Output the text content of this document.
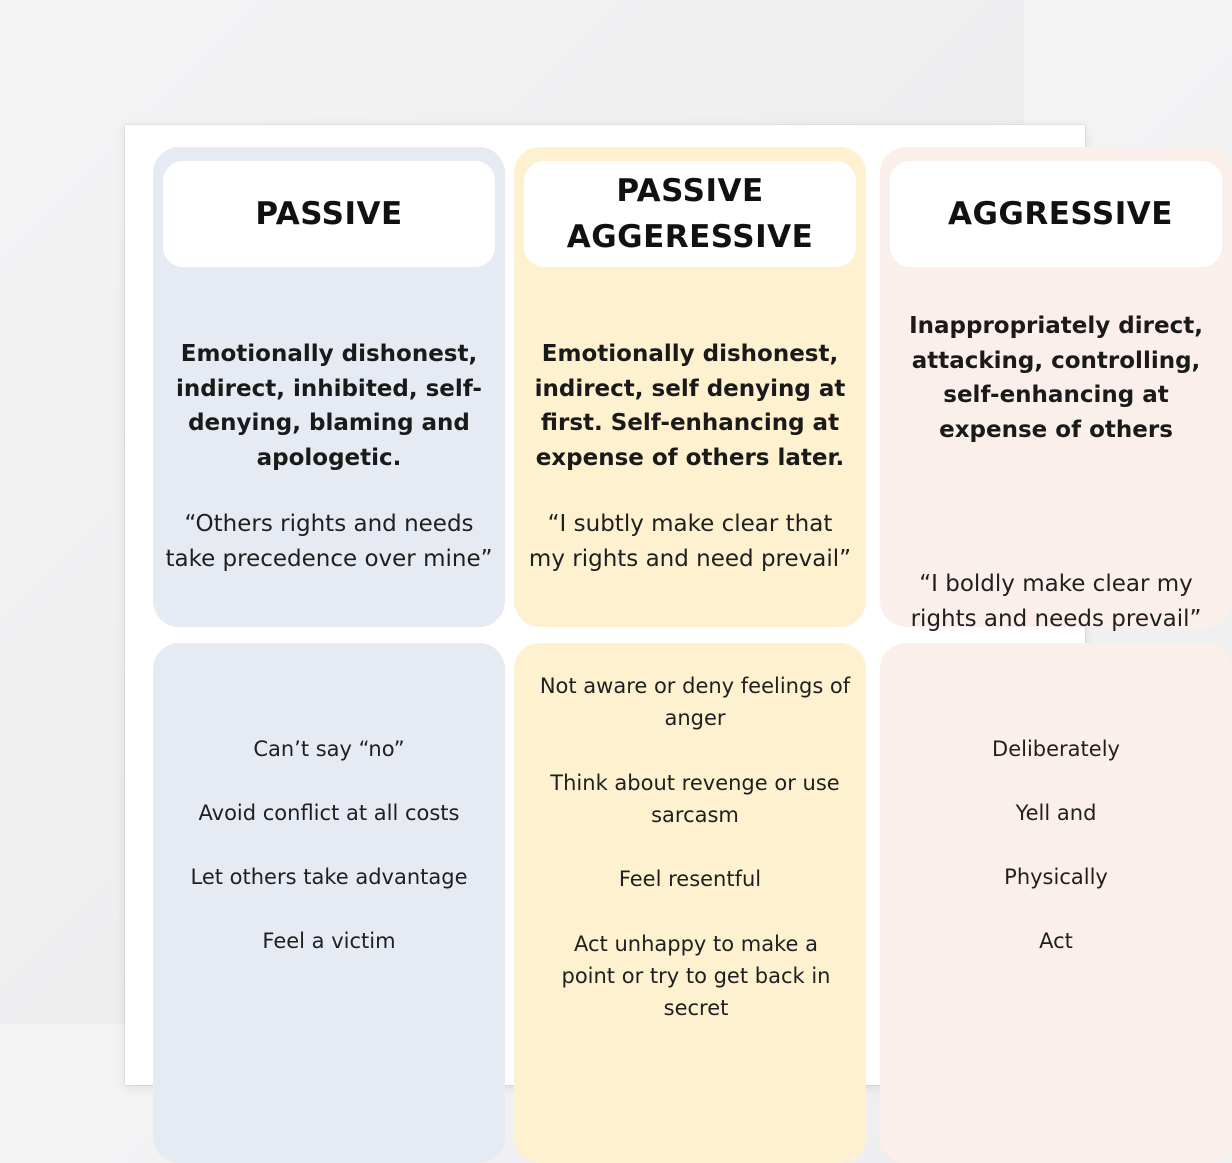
PASSIVE
Emotionally dishonest, indirect, inhibited, self-denying, blaming and apologetic.
“Others rights and needs take precedence over mine”
Can’t say “no”
Avoid conflict at all costs
Let others take advantage
Feel a victim
PASSIVE
AGGERESSIVE
Emotionally dishonest, indirect, self denying at first. Self-enhancing at expense of others later.
“I subtly make clear that my rights and need prevail”
Not aware or deny feelings of anger
Think about revenge or use sarcasm
Feel resentful
Act unhappy to make a point or try to get back in secret
AGGRESSIVE
Inappropriately direct, attacking, controlling, self-enhancing at expense of others
“I boldly make clear my rights and needs prevail”
Deliberately
Yell and
Physically
Act
